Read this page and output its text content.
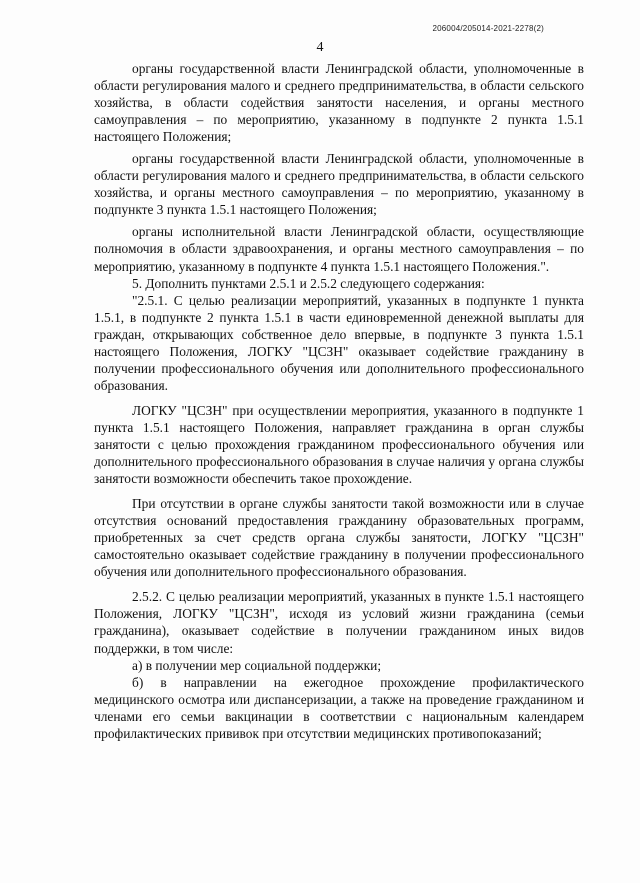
206004/205014-2021-2278(2)
4

органы государственной власти Ленинградской области, уполномоченные в области регулирования малого и среднего предпринимательства, в области сельского хозяйства, в области содействия занятости населения, и органы местного самоуправления – по мероприятию, указанному в подпункте 2 пункта 1.5.1 настоящего Положения;

органы государственной власти Ленинградской области, уполномоченные в области регулирования малого и среднего предпринимательства, в области сельского хозяйства, и органы местного самоуправления – по мероприятию, указанному в подпункте 3 пункта 1.5.1 настоящего Положения;

органы исполнительной власти Ленинградской области, осуществляющие полномочия в области здравоохранения, и органы местного самоуправления – по мероприятию, указанному в подпункте 4 пункта 1.5.1 настоящего Положения.".

5. Дополнить пунктами 2.5.1 и 2.5.2 следующего содержания:

"2.5.1. С целью реализации мероприятий, указанных в подпункте 1 пункта 1.5.1, в подпункте 2 пункта 1.5.1 в части единовременной денежной выплаты для граждан, открывающих собственное дело впервые, в подпункте 3 пункта 1.5.1 настоящего Положения, ЛОГКУ "ЦСЗН" оказывает содействие гражданину в получении профессионального обучения или дополнительного профессионального образования.

ЛОГКУ "ЦСЗН" при осуществлении мероприятия, указанного в подпункте 1 пункта 1.5.1 настоящего Положения, направляет гражданина в орган службы занятости с целью прохождения гражданином профессионального обучения или дополнительного профессионального образования в случае наличия у органа службы занятости возможности обеспечить такое прохождение.

При отсутствии в органе службы занятости такой возможности или в случае отсутствия оснований предоставления гражданину образовательных программ, приобретенных за счет средств органа службы занятости, ЛОГКУ "ЦСЗН" самостоятельно оказывает содействие гражданину в получении профессионального обучения или дополнительного профессионального образования.

2.5.2. С целью реализации мероприятий, указанных в пункте 1.5.1 настоящего Положения, ЛОГКУ "ЦСЗН", исходя из условий жизни гражданина (семьи гражданина), оказывает содействие в получении гражданином иных видов поддержки, в том числе:

а) в получении мер социальной поддержки;

б) в направлении на ежегодное прохождение профилактического медицинского осмотра или диспансеризации, а также на проведение гражданином и членами его семьи вакцинации в соответствии с национальным календарем профилактических прививок при отсутствии медицинских противопоказаний;
